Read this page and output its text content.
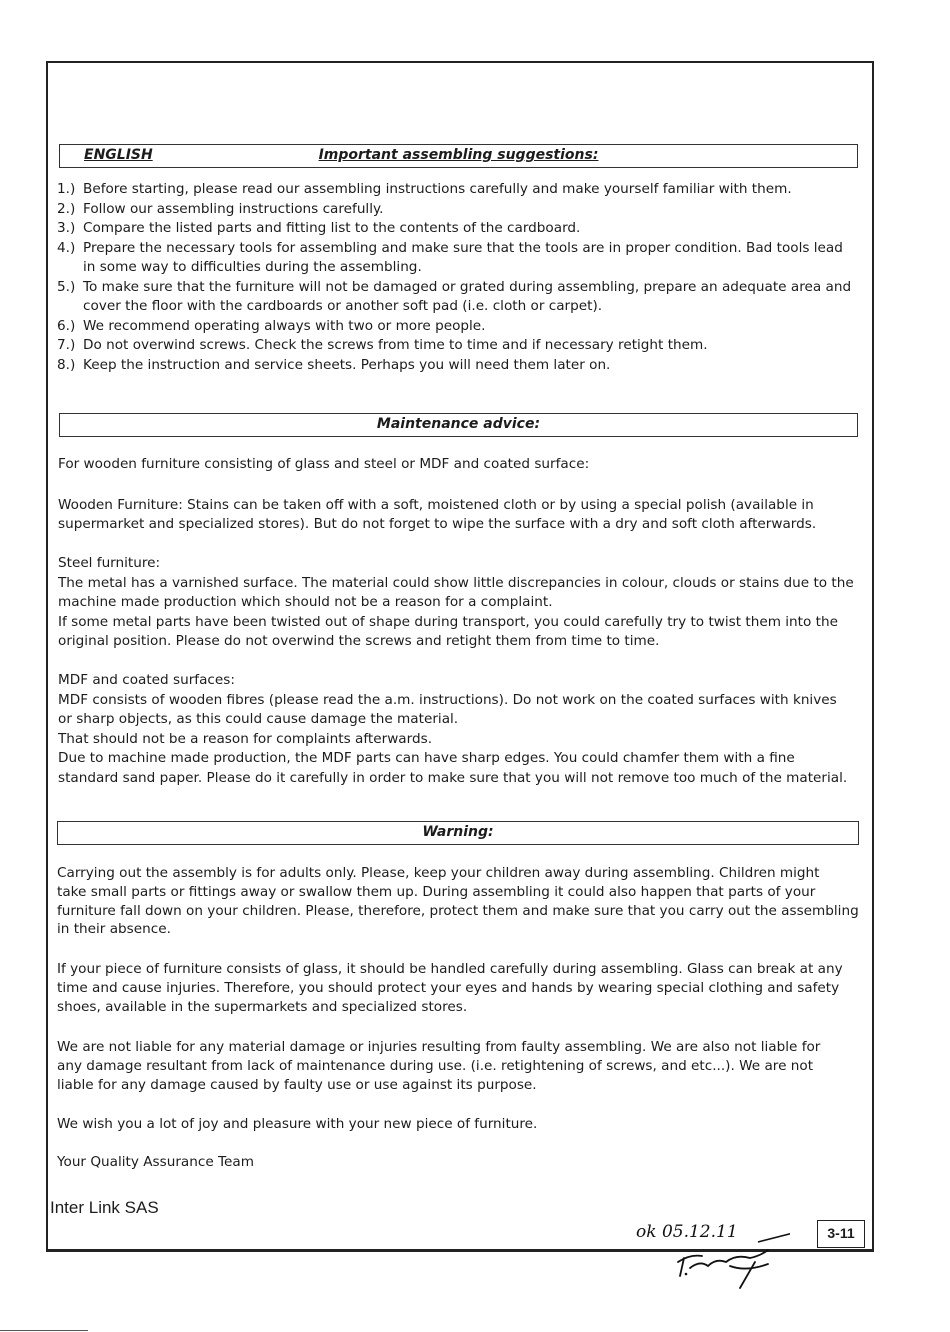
ENGLISH	Important assembling suggestions:
1.) Before starting, please read our assembling instructions carefully and make yourself familiar with them.
2.) Follow our assembling instructions carefully.
3.) Compare the listed parts and fitting list to the contents of the cardboard.
4.) Prepare the necessary tools for assembling and make sure that the tools are in proper condition. Bad tools lead
in some way to difficulties during the assembling.
5.) To make sure that the furniture will not be damaged or grated during assembling, prepare an adequate area and
cover the floor with the cardboards or another soft pad (i.e. cloth or carpet).
6.) We recommend operating always with two or more people.
7.) Do not overwind screws. Check the screws from time to time and if necessary retight them.
8.) Keep the instruction and service sheets. Perhaps you will need them later on.
Maintenance advice:
For wooden furniture consisting of glass and steel or MDF and coated surface:
Wooden Furniture: Stains can be taken off with a soft, moistened cloth or by using a special polish (available in
supermarket and specialized stores). But do not forget to wipe the surface with a dry and soft cloth afterwards.
Steel furniture:
The metal has a varnished surface. The material could show little discrepancies in colour, clouds or stains due to the
machine made production which should not be a reason for a complaint.
If some metal parts have been twisted out of shape during transport, you could carefully try to twist them into the
original position. Please do not overwind the screws and retight them from time to time.
MDF and coated surfaces:
MDF consists of wooden fibres (please read the a.m. instructions). Do not work on the coated surfaces with knives
or sharp objects, as this could cause damage the material.
That should not be a reason for complaints afterwards.
Due to machine made production, the MDF parts can have sharp edges. You could chamfer them with a fine
standard sand paper. Please do it carefully in order to make sure that you will not remove too much of the material.
Warning:
Carrying out the assembly is for adults only. Please, keep your children away during assembling. Children might
take small parts or fittings away or swallow them up. During assembling it could also happen that parts of your
furniture fall down on your children. Please, therefore, protect them and make sure that you carry out the assembling
in their absence.
If your piece of furniture consists of glass, it should be handled carefully during assembling. Glass can break at any
time and cause injuries. Therefore, you should protect your eyes and hands by wearing special clothing and safety
shoes, available in the supermarkets and specialized stores.
We are not liable for any material damage or injuries resulting from faulty assembling. We are also not liable for
any damage resultant from lack of maintenance during use. (i.e. retightening of screws, and etc...). We are not
liable for any damage caused by faulty use or use against its purpose.
We wish you a lot of joy and pleasure with your new piece of furniture.
Your Quality Assurance Team
Inter Link SAS
3-11
ok 05.12.11
